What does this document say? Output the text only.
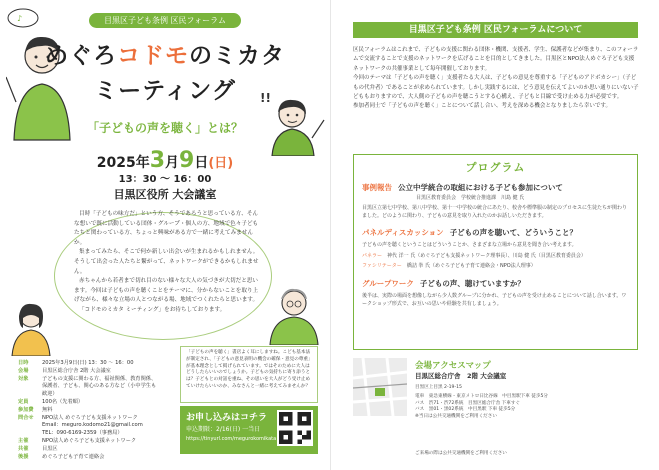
目黒区子ども条例 区民フォーラム
♪
!!
めぐろコドモのミカタ
ミーティング
「子どもの声を聴く」とは？
2025年3月9日(日)
13：30 ～ 16：00
目黒区役所 大会議室

目時「子どもの味方だ」という方、そうであろうと思っている方、そんな想いで既に活動している団体・グループ・個人の方、地域で色々子どもたちと関わっている方、ちょっと興味がある方で一緒に考えてみませんか。

集まってみたら、そこで何か新しい出会いが生まれるかもしれません。そうして出会った人たちと繋がって、ネットワークができるかもしれません。

赤ちゃんから若者まで切れ目のない様々な大人の気づきが大切だと思います。今回は子どもの声を聴くことをテーマに、分からないことを取り上げながら、様々な立場の人とつながる場、地域でつくれたらと思います。

「コドモのミカタ ミーティング」をお待ちしております。

日時	2025年3月9日(日) 13：30 ～ 16：00
会場	目黒区総合庁舎 2階 大会議室
対象	子どもの支援に関わる方、福祉関係、教育関係、
保護者、子ども、関心のある方など（小中学生も歓迎）
定員	100名（先着順）
参加費	無料
問合せ	NPO法人 めぐろ子ども支援ネットワーク
Email：meguro.kodomo21@gmail.com
TEL：090-6169-2359（事務局）
主催	NPO法人めぐろ子ども支援ネットワーク
共催	目黒区
後援	めぐろ子ども子育て連絡会
「子どもの声を聴く」書店よく耳にしますね。こども基本法が制定され、「子どもの意見表明の機会の確保・意見の尊重」が基本理念として掲げられています。ではそのために大人はどうしたらいいのでしょうか。子どもの気持ちに寄り添うとは？子どもとの対話を重ね、その思いを大人がどう受け止めていけたらいいのか、みなさんと一緒に考えてみませんか？
お申し込みはコチラ
申込期限：2/16(日) 一当日
https://tinyurl.com/megurokomikata
目黒区子ども条例 区民フォーラムについて

区民フォーラムはこれまで、子どもの支援に関わる団体・機関、支援者、学生、保護者などが集まり、このフォーラムで交流することで支援のネットワークを広げることを目的としてきました。目黒区とNPO法人めぐろ子ども支援ネットワークの共催事業として毎年開催しております。

今回のテーマは「子どもの声を聴く」支援者たる大人は、子どもの意見を尊重する「子どものアドボカシー」（子どもの代弁者）であることが求められています。しかし実践するには、どう意見を伝えてよいのか思い通りにいない子どももおりますので、大人側の子どもの声を聴こうとする心構え、子どもと目線で受け止める力が必要です。

参加者同士で「子どもの声を聴く」ことについて話し合い、考えを深める機会となりましたら幸いです。

プログラム
事例報告 公立中学統合の取組における子ども参加について
目黒区教育委員会　学校統合推進課　川島 健 氏
目黒区立第七中学校、第八中学校、第十一中学校の統合にあたり、校舎や標準服の制定のプロセスに生徒たちが関わりました。どのように関わり、子どもの意見を取り入れたのかお話しいただきます。
パネルディスカッション 子どもの声を聴いて、どういうこと？
子どもの声を聴くということはどういうことか、さまざまな立場から意見を聞き合い考えます。
パネラー　 神代 洋一 氏（めぐろ子ども支援ネットワーク理事長）、川島 健 氏（目黒区教育委員会）
ファシリテーター　 橋詰 拳 氏（めぐろ子ども子育て連絡会・NPO法人理事）
グループワーク 子どもの声、聴けていますか？
後半は、実際の場面を想像しながら少人数グループに分かれ、子どもの声を受け止めることについて話し合います。ワークショップ形式で、お互いの思いや経験を共有しましょう。
会場アクセスマップ
目黒区総合庁舎　2階 大会議室
目黒区上目黒 2-19-15
電車　東急東横線・東京メトロ日比谷線　中目黒駅下車 徒歩5分
バス　渋71・渋72系統　目黒区総合庁舎 下車すぐ
バス　黒01・黒02系統　中目黒駅 下車 徒歩5分
※当日は公共交通機関をご利用ください
ご来場の際は公共交通機関をご利用ください
